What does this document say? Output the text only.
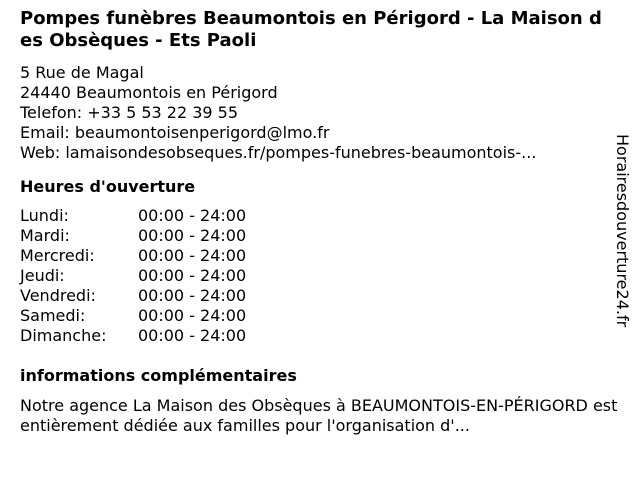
Pompes funèbres Beaumontois en Périgord - La Maison des Obsèques - Ets Paoli
5 Rue de Magal
24440 Beaumontois en Périgord
Telefon: +33 5 53 22 39 55
Email: beaumontoisenperigord@lmo.fr
Web: lamaisondesobseques.fr/pompes-funebres-beaumontois-...
Heures d'ouverture
Lundi:	00:00 - 24:00
Mardi:	00:00 - 24:00
Mercredi:	00:00 - 24:00
Jeudi:	00:00 - 24:00
Vendredi:	00:00 - 24:00
Samedi:	00:00 - 24:00
Dimanche:	00:00 - 24:00
informations complémentaires
Notre agence La Maison des Obsèques à BEAUMONTOIS-EN-PÉRIGORD est entièrement dédiée aux familles pour l'organisation d'...
Horairesdouverture24.fr
